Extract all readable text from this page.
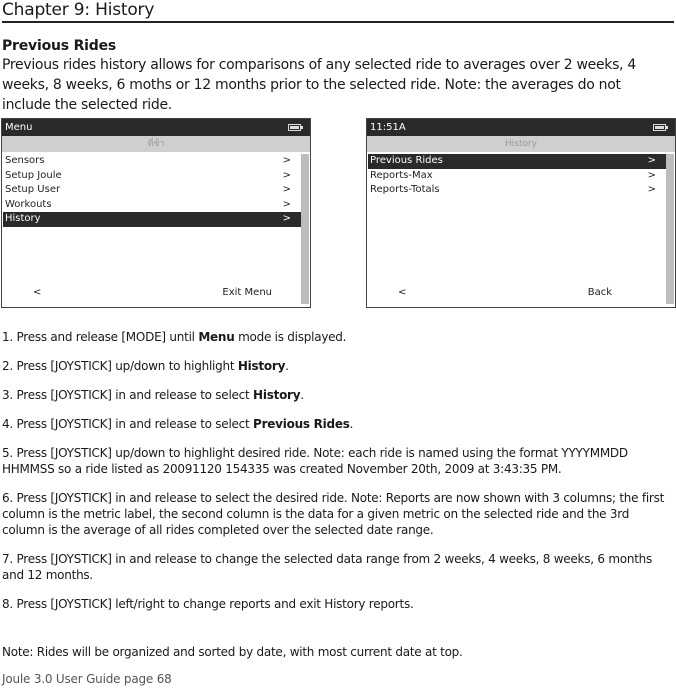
Chapter 9: History
Previous Rides
Previous rides history allows for comparisons of any selected ride to averages over 2 weeks, 4 weeks, 8 weeks, 6 moths or 12 months prior to the selected ride. Note: the averages do not include the selected ride.
Menu
ที่ช้า
Sensors	>
Setup Joule	>
Setup User	>
Workouts	>
History	>
<	Exit Menu
11:51A
History
Previous Rides	>
Reports-Max	>
Reports-Totals	>
<	Back
1. Press and release [MODE] until Menu mode is displayed.
2. Press [JOYSTICK] up/down to highlight History.
3. Press [JOYSTICK] in and release to select History.
4. Press [JOYSTICK] in and release to select Previous Rides.
5. Press [JOYSTICK] up/down to highlight desired ride. Note: each ride is named using the format YYYYMMDD HHMMSS so a ride listed as 20091120 154335 was created November 20th, 2009 at 3:43:35 PM.
6. Press [JOYSTICK] in and release to select the desired ride. Note: Reports are now shown with 3 columns; the first column is the metric label, the second column is the data for a given metric on the selected ride and the 3rd column is the average of all rides completed over the selected date range.
7. Press [JOYSTICK] in and release to change the selected data range from 2 weeks, 4 weeks, 8 weeks, 6 months and 12 months.
8. Press [JOYSTICK] left/right to change reports and exit History reports.
Note: Rides will be organized and sorted by date, with most current date at top.
Joule 3.0 User Guide page 68
